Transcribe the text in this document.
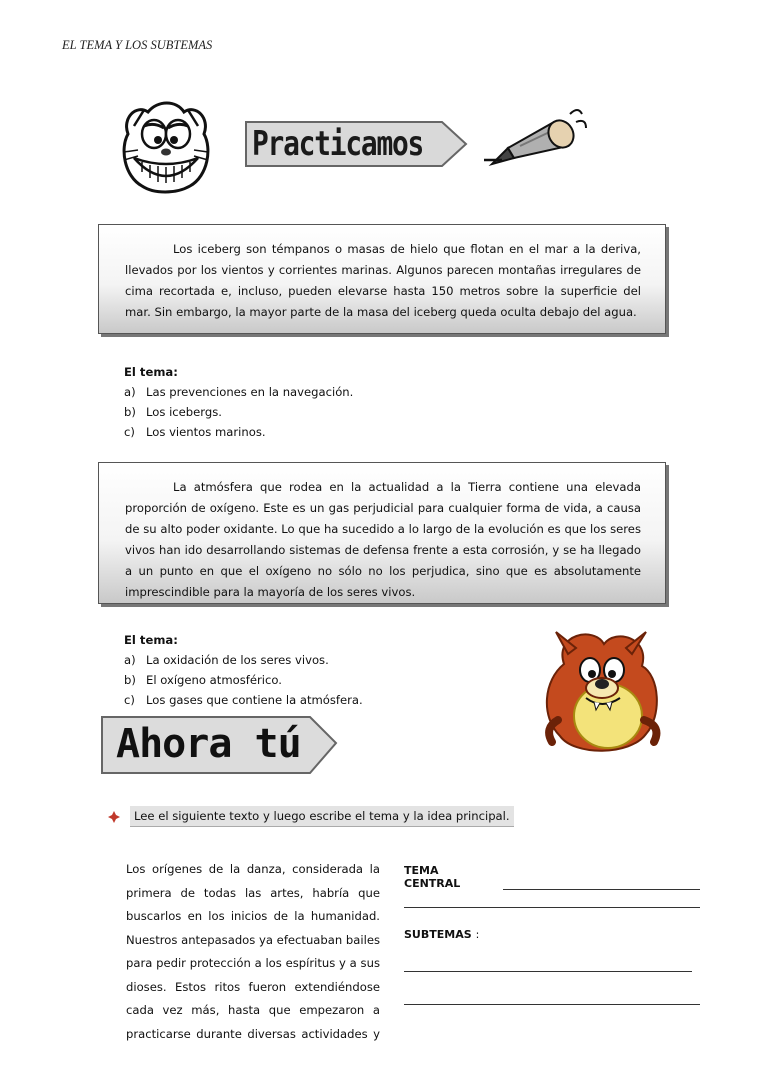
EL TEMA Y LOS SUBTEMAS
Practicamos

Los iceberg son témpanos o masas de hielo que flotan en el mar a la deriva, llevados por los vientos y corrientes marinas. Algunos parecen montañas irregulares de cima recortada e, incluso, pueden elevarse hasta 150 metros sobre la superficie del mar. Sin embargo, la mayor parte de la masa del iceberg queda oculta debajo del agua.

El tema:
a) Las prevenciones en la navegación.
b) Los icebergs.
c) Los vientos marinos.

La atmósfera que rodea en la actualidad a la Tierra contiene una elevada proporción de oxígeno. Este es un gas perjudicial para cualquier forma de vida, a causa de su alto poder oxidante. Lo que ha sucedido a lo largo de la evolución es que los seres vivos han ido desarrollando sistemas de defensa frente a esta corrosión, y se ha llegado a un punto en que el oxígeno no sólo no los perjudica, sino que es absolutamente imprescindible para la mayoría de los seres vivos.

El tema:
a) La oxidación de los seres vivos.
b) El oxígeno atmosférico.
c) Los gases que contiene la atmósfera.
Ahora tú
Lee el siguiente texto y luego escribe el tema y la idea principal.
Los orígenes de la danza, considerada la
primera de todas las artes, habría que
buscarlos en los inicios de la humanidad.
Nuestros antepasados ya efectuaban bailes
para pedir protección a los espíritus y a sus
dioses. Estos ritos fueron extendiéndose
cada vez más, hasta que empezaron a
practicarse durante diversas actividades y
TEMA CENTRAL
SUBTEMAS :
